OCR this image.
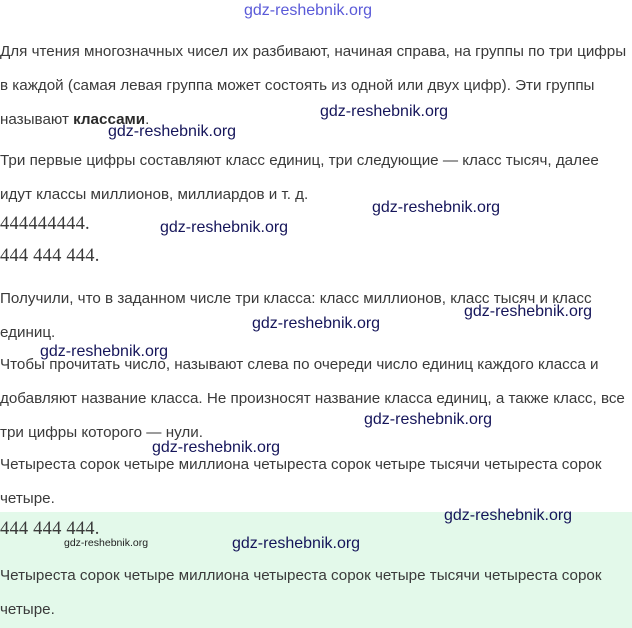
Для чтения многозначных чисел их разбивают, начиная справа, на группы по три цифры в каждой (самая левая группа может состоять из одной или двух цифр). Эти группы называют классами.

Три первые цифры составляют класс единиц, три следующие — класс тысяч, далее идут классы миллионов, миллиардов и т. д.

444444444.
444 444 444.

Получили, что в заданном числе три класса: класс миллионов, класс тысяч и класс единиц.

Чтобы прочитать число, называют слева по очереди число единиц каждого класса и добавляют название класса. Не произносят название класса единиц, а также класс, все три цифры которого — нули.

Четыреста сорок четыре миллиона четыреста сорок четыре тысячи четыреста сорок четыре.

444 444 444.

Четыреста сорок четыре миллиона четыреста сорок четыре тысячи четыреста сорок четыре.

gdz-reshebnik.org
gdz-reshebnik.org
gdz-reshebnik.org
gdz-reshebnik.org
gdz-reshebnik.org
gdz-reshebnik.org
gdz-reshebnik.org
gdz-reshebnik.org
gdz-reshebnik.org
gdz-reshebnik.org
gdz-reshebnik.org
gdz-reshebnik.org	gdz-reshebnik.org
